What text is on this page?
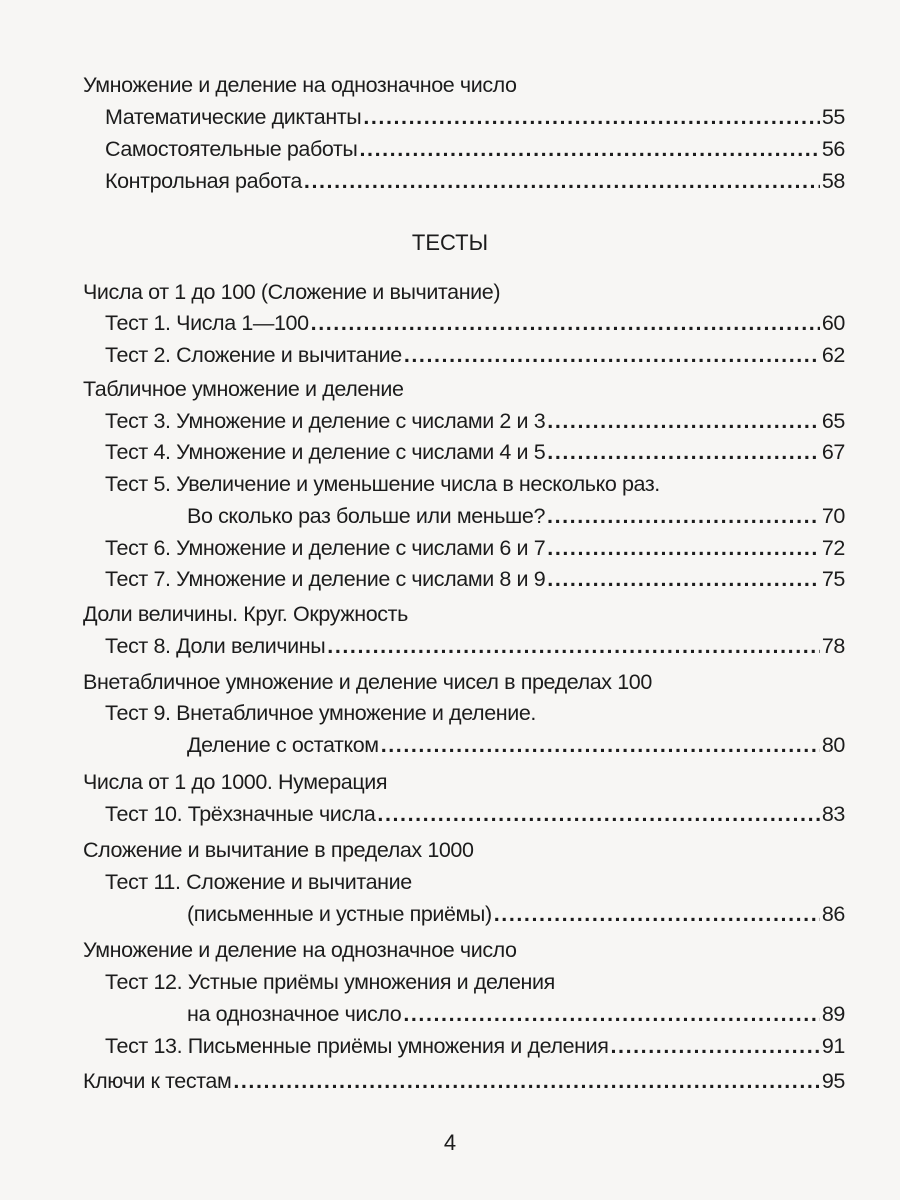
Умножение и деление на однозначное число
Математические диктанты . . .	55
Самостоятельные работы . . .	56
Контрольная работа . . .	58
Числа от 1 до 100 (Сложение и вычитание)
Тест 1. Числа 1—100 . . .	60
Тест 2. Сложение и вычитание . . .	62
Табличное умножение и деление
Тест 3. Умножение и деление с числами 2 и 3 . . .	65
Тест 4. Умножение и деление с числами 4 и 5 . . .	67
Тест 5. Увеличение и уменьшение числа в несколько раз.
Во сколько раз больше или меньше? . . .	70
Тест 6. Умножение и деление с числами 6 и 7 . . .	72
Тест 7. Умножение и деление с числами 8 и 9 . . .	75
Доли величины. Круг. Окружность
Тест 8. Доли величины . . .	78
Внетабличное умножение и деление чисел в пределах 100
Тест 9. Внетабличное умножение и деление.
Деление с остатком . . .	80
Числа от 1 до 1000. Нумерация
Тест 10. Трёхзначные числа . . .	83
Сложение и вычитание в пределах 1000
Тест 11. Сложение и вычитание
(письменные и устные приёмы) . . .	86
Умножение и деление на однозначное число
Тест 12. Устные приёмы умножения и деления
на однозначное число . . .	89
Тест 13. Письменные приёмы умножения и деления . . .	91
Ключи к тестам . . .	95
ТЕСТЫ
4
